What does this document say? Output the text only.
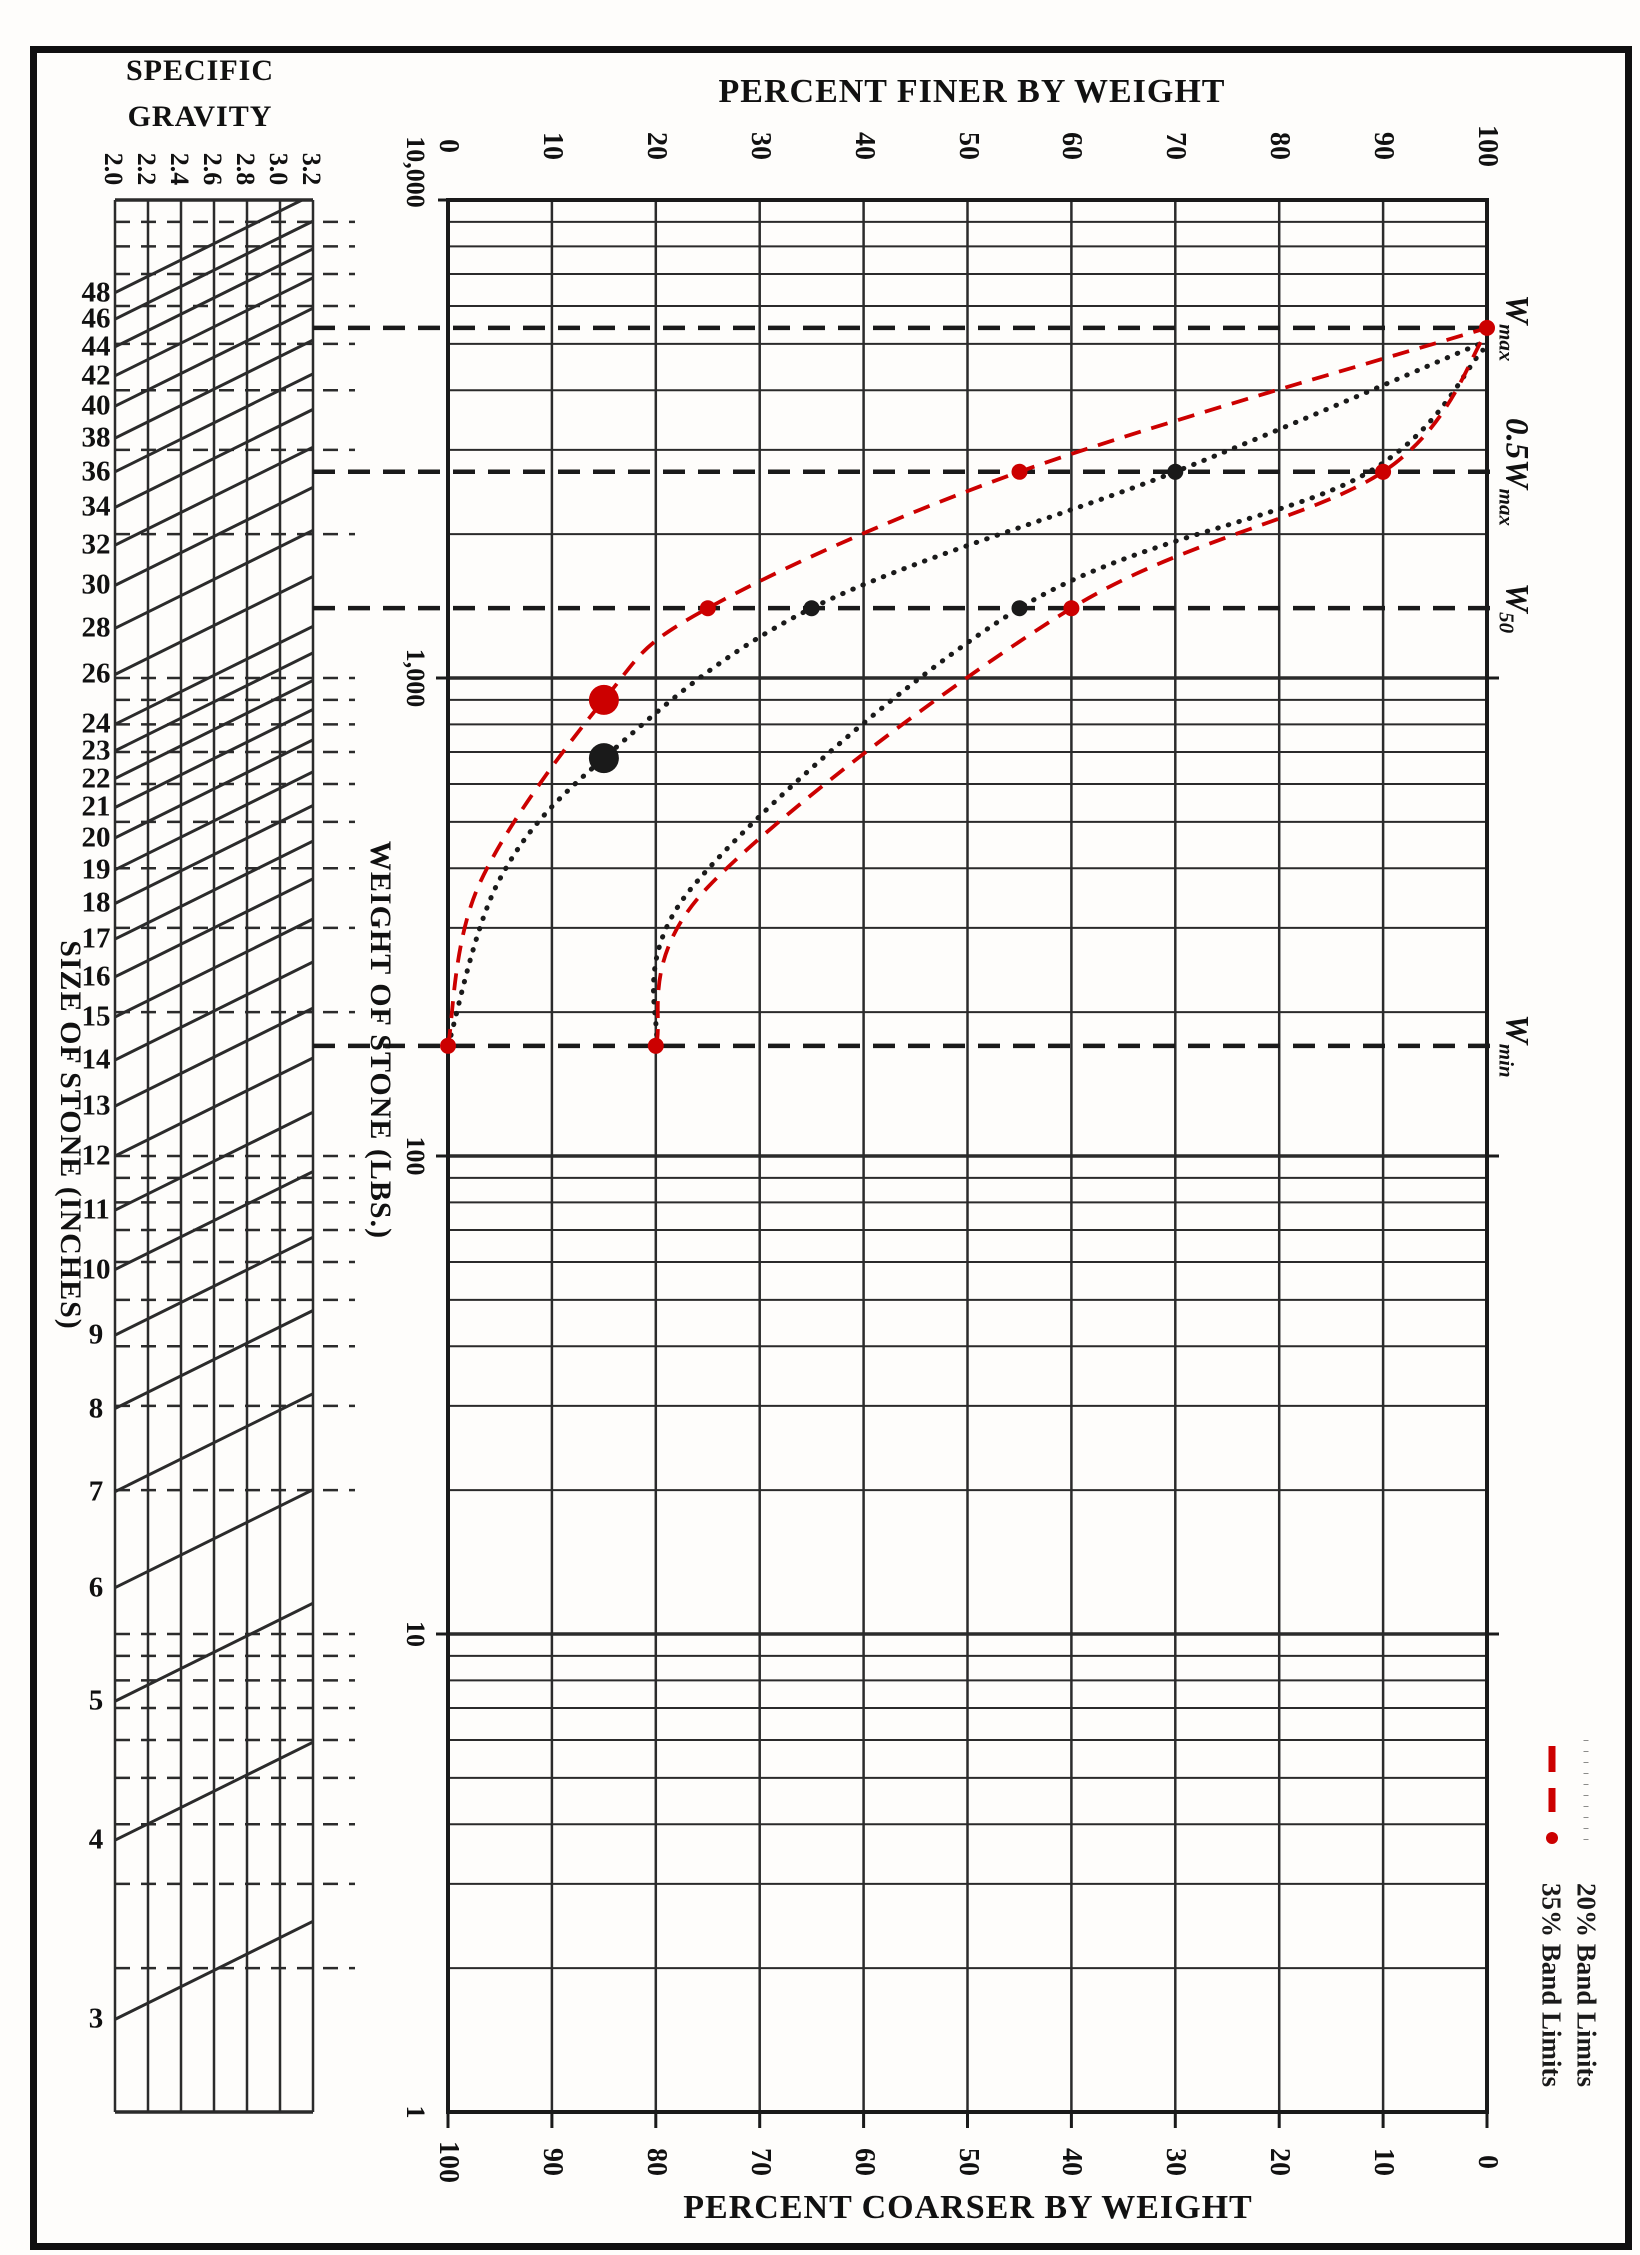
SPECIFIC
GRAVITY
PERCENT FINER BY WEIGHT
PERCENT COARSER BY WEIGHT
SIZE OF STONE (INCHES)	WEIGHT OF STONE (LBS.)
0	10	20	30	40	50	60	70	80	90	100
100	90	80	70	60	50	40	30	20	10	0
10,000
1,000
100
10
1
2.0 2.2 2.4 2.6 2.8 3.0 3.2
48
46
44
42
40
38
36
34
32
30
28
26
24
23
22
21
20
19
18
17
16
15
14
13
12
11
10
9
8
7
6
5
4
3
$W_{max}$
$0.5W_{max}$
$W_{50}$
$W_{min}$
20% Band Limits
35% Band Limits
